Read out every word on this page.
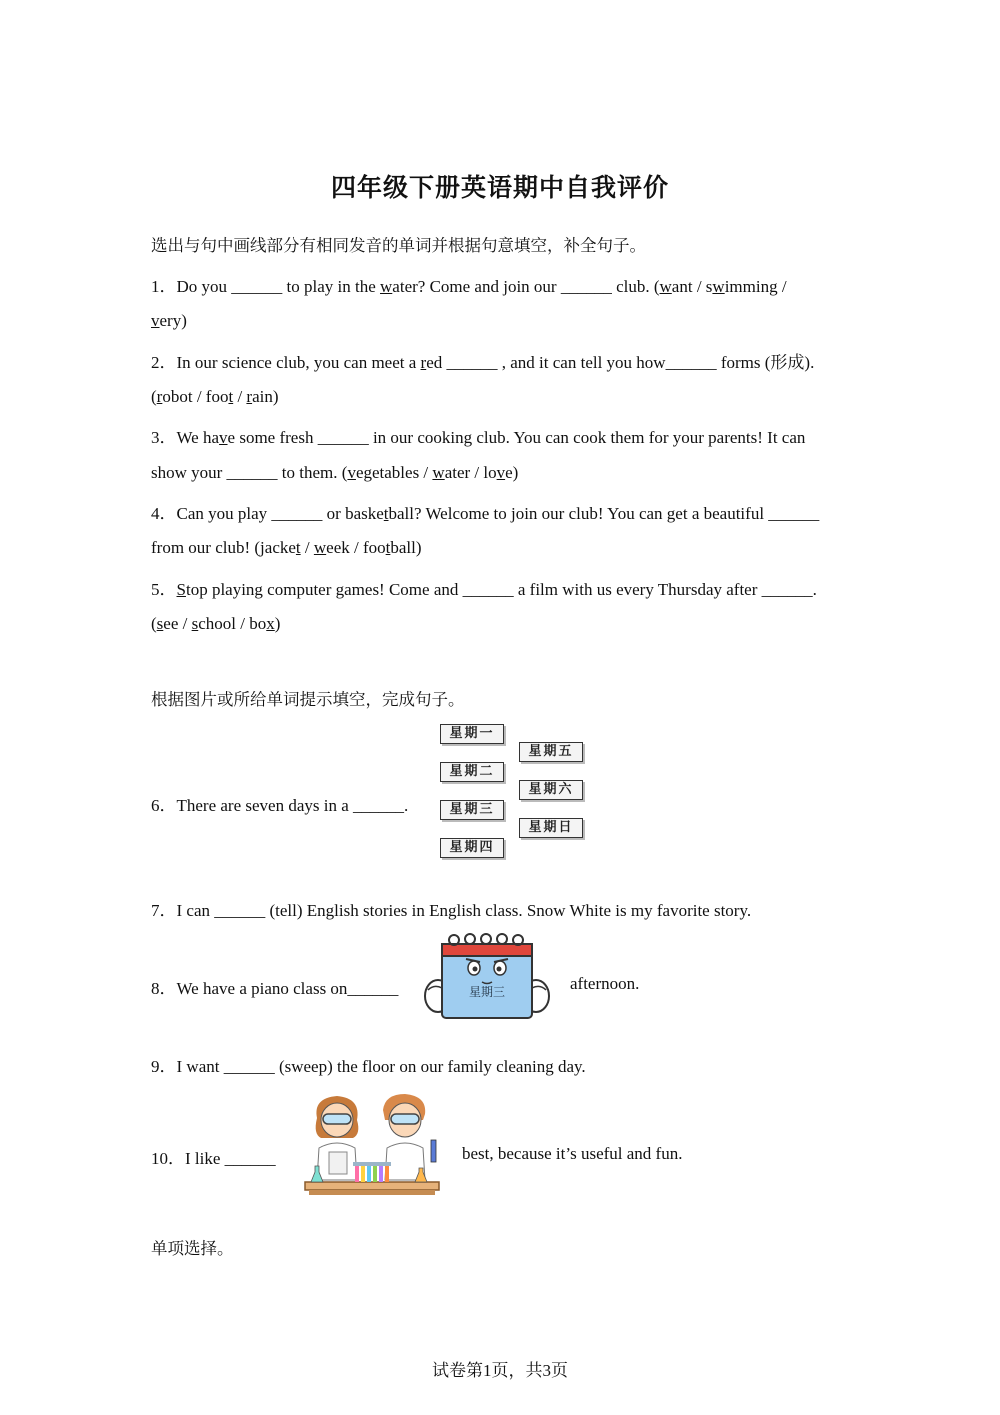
四年级下册英语期中自我评价
选出与句中画线部分有相同发音的单词并根据句意填空，补全句子。
1．Do you ______ to play in the water? Come and join our ______ club. (want / swimming /
very)
2．In our science club, you can meet a red ______ , and it can tell you how______ forms (形成).
(robot / foot / rain)
3．We have some fresh ______ in our cooking club. You can cook them for your parents! It can
show your ______ to them. (vegetables / water / love)
4．Can you play ______ or basketball? Welcome to join our club! You can get a beautiful ______
from our club! (jacket / week / football)
5．Stop playing computer games! Come and ______ a film with us every Thursday after ______.
(see / school / box)
根据图片或所给单词提示填空，完成句子。
6．There are seven days in a ______.
星期一
星期二
星期三
星期四
星期五
星期六
星期日
7．I can ______ (tell) English stories in English class. Snow White is my favorite story.
8．We have a piano class on______	星期三	afternoon.
9．I want ______ (sweep) the floor on our family cleaning day.
10．I like ______	best, because it’s useful and fun.
单项选择。
试卷第1页，共3页
